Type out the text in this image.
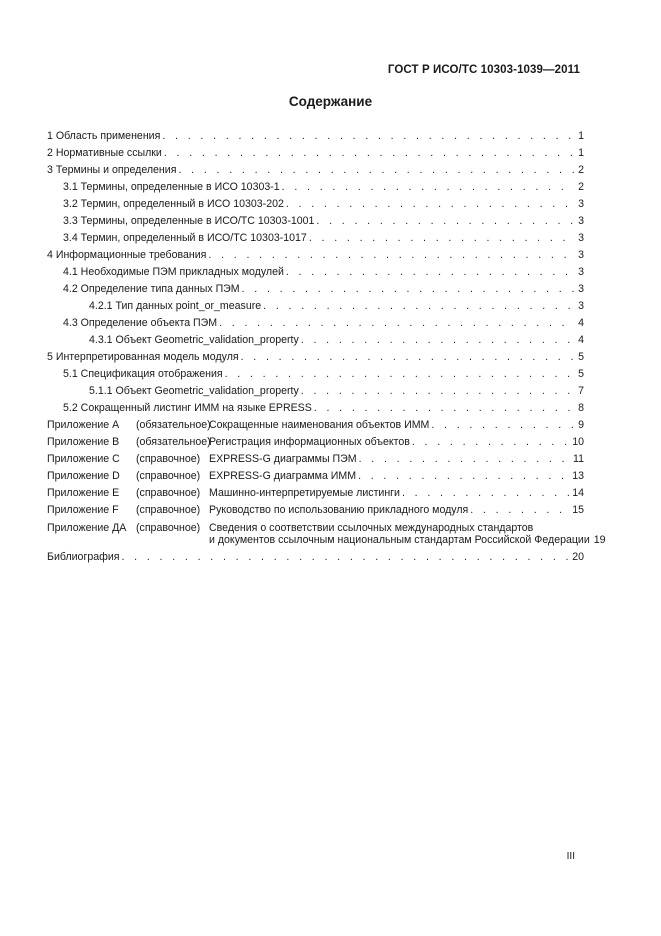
ГОСТ Р ИСО/ТС 10303-1039—2011
Содержание
1 Область применения . . .	1
2 Нормативные ссылки . . .	1
3 Термины и определения . . .	2
3.1 Термины, определенные в ИСО 10303-1 . . .	2
3.2 Термин, определенный в ИСО 10303-202 . . .	3
3.3 Термины, определенные в ИСО/ТС 10303-1001 . . .	3
3.4 Термин, определенный в ИСО/ТС 10303-1017 . . .	3
4 Информационные требования . . .	3
4.1 Необходимые ПЭМ прикладных модулей . . .	3
4.2 Определение типа данных ПЭМ . . .	3
4.2.1 Тип данных point_or_measure . . .	3
4.3 Определение объекта ПЭМ . . .	4
4.3.1 Объект Geometric_validation_property . . .	4
5 Интерпретированная модель модуля . . .	5
5.1 Спецификация отображения . . .	5
5.1.1 Объект Geometric_validation_property . . .	7
5.2 Сокращенный листинг ИММ на языке EPRESS . . .	8
Приложение А (обязательное)Сокращенные наименования объектов ИММ . . .	9
Приложение В (обязательное)Регистрация информационных объектов . . .	10
Приложение С (справочное) EXPRESS-G диаграммы ПЭМ . . .	11
Приложение D (справочное) EXPRESS-G диаграмма ИММ . . .	13
Приложение Е (справочное) Машинно-интерпретируемые листинги . . .	14
Приложение F (справочное) Руководство по использованию прикладного модуля . . .	15
Приложение ДА (справочное) Сведения о соответствии ссылочных международных стандартов
и документов ссылочным национальным стандартам Российской Федерации 19
Библиография . . .	20
III
